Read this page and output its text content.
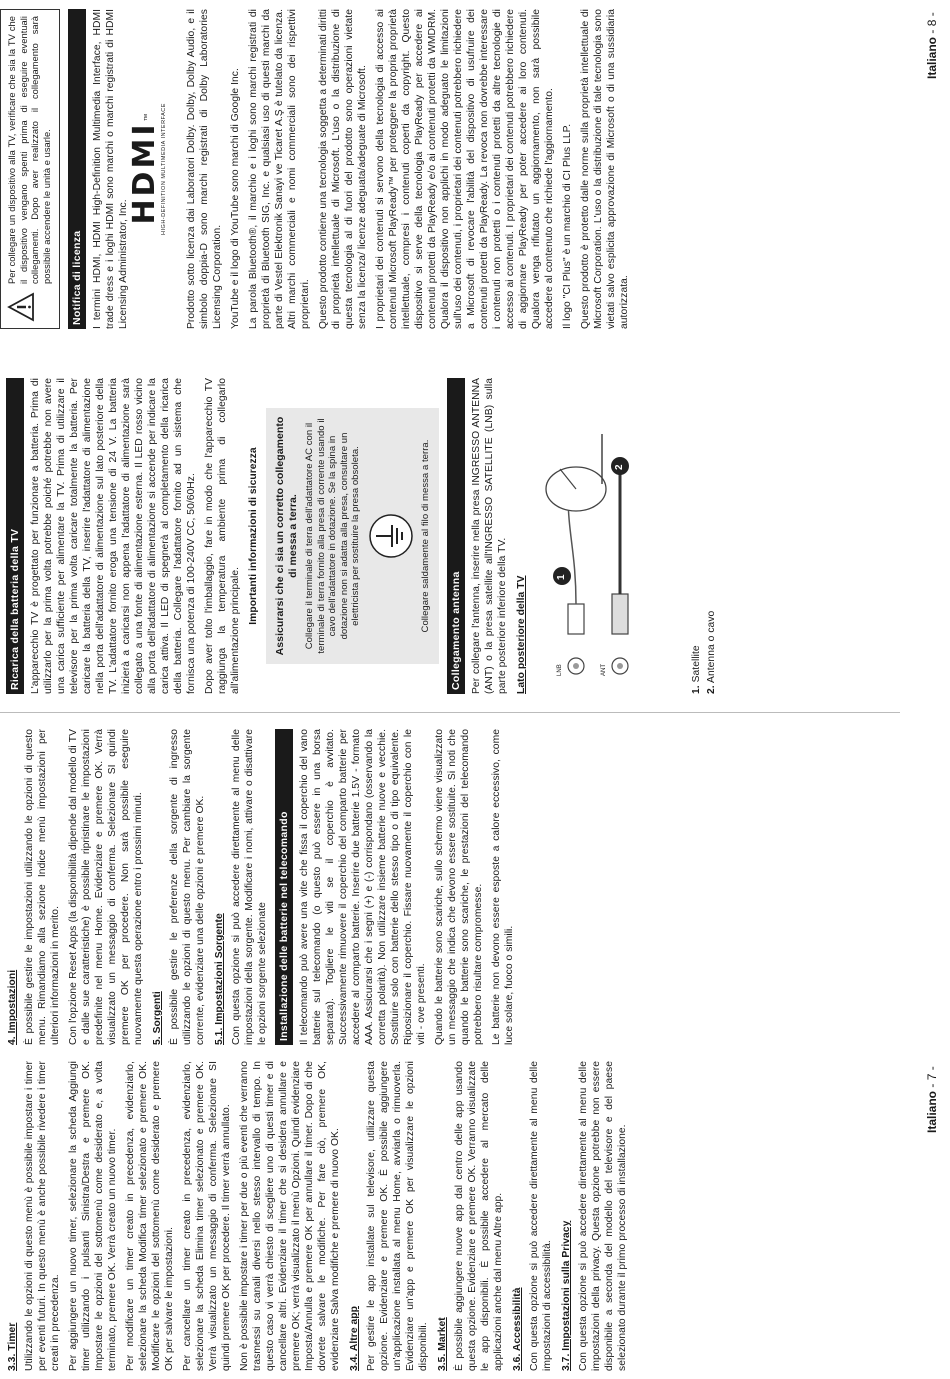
3.3. Timer Utilizzando le opzioni di questo menù è possibile impostare i timer per eventi futuri. In questo menù è anche possibile rivedere i timer creati in precedenza. Per aggiungere un nuovo timer, selezionare la scheda Aggiungi timer utilizzando i pulsanti Sinistra/Destra e premere OK. Impostare le opzioni del sottomenù come desiderato e, a volta terminato, premere OK. Verrà creato un nuovo timer. Per modificare un timer creato in precedenza, evidenziarlo, selezionare la scheda Modifica timer selezionato e premere OK. Modificare le opzioni del sottomenù come desiderato e premere OK per salvare le impostazioni. Per cancellare un timer creato in precedenza, evidenziarlo, selezionare la scheda Elimina timer selezionato e premere OK. Verrà visualizzato un messaggio di conferma. Selezionare SI quindi premere OK per procedere. Il timer verrà annullato. Non è possibile impostare i timer per due o più eventi che verranno trasmessi su canali diversi nello stesso intervallo di tempo. In questo caso vi verrà chiesto di scegliere uno di questi timer e di cancellare altri. Evidenziare il timer che si desidera annullare e premere OK; verrà visualizzato il menù Opzioni. Quindi evidenziare Imposta/Annulla e premere OK per annullare il timer. Dopo di che dovrete salvare le modifiche. Per fare ciò, premere OK, evidenziare Salva modifiche e premere di nuovo OK. 3.4. Altre app Per gestire le app installate sul televisore, utilizzare questa opzione. Evidenziare e premere OK. È possibile aggiungere un'applicazione installata al menu Home, avviarla o rimuoverla. Evidenziare un'app e premere OK per visualizzare le opzioni disponibili. 3.5. Market È possibile aggiungere nuove app dal centro delle app usando questa opzione. Evidenziare e premere OK. Verranno visualizzate le app disponibili. È possibile accedere al mercato delle applicazioni anche dal menu Altre app. 3.6. Accessibilità Con questa opzione si può accedere direttamente al menu delle impostazioni di accessibilità. 3.7. Impostazioni sulla Privacy Con questa opzione si può accedere direttamente al menu delle impostazioni della privacy. Questa opzione potrebbe non essere disponibile a seconda del modello del televisore e del paese selezionato durante il primo processo di installazione.

4. Impostazioni È possibile gestire le impostazioni utilizzando le opzioni di questo menu. Rimandiamo alla sezione Indice menù impostazioni per ulteriori informazioni in merito. Con l'opzione Reset Apps (la disponibilità dipende dal modello di TV e dalle sue caratteristiche) è possibile ripristinare le impostazioni predefinite nel menu Home. Evidenziare e premere OK. Verrà visualizzato un messaggio di conferma. Selezionare SI quindi premere OK per procedere. Non sarà possibile eseguire nuovamente questa operazione entro i prossimi minuti. 5. Sorgenti È possibile gestire le preferenze della sorgente di ingresso utilizzando le opzioni di questo menu. Per cambiare la sorgente corrente, evidenziare una delle opzioni e premere OK. 5.1. Impostazioni Sorgente Con questa opzione si può accedere direttamente al menu delle impostazioni della sorgente. Modificare i nomi, attivare o disattivare le opzioni sorgente selezionate Installazione delle batterie nel telecomando Il telecomando può avere una vite che fissa il coperchio del vano batterie sul telecomando (o questo può essere in una borsa separata). Togliere le viti se il coperchio è avvitato. Successivamente rimuovere il coperchio del comparto batterie per accedere al comparto batterie. Inserire due batterie 1.5V - formato AAA. Assicurarsi che i segni (+) e (-) corrispondano (osservando la corretta polarità). Non utilizzare insieme batterie nuove e vecchie. Sostituire solo con batterie dello stesso tipo o di tipo equivalente. Riposizionare il coperchio. Fissare nuovamente il coperchio con le viti - ove presenti. Quando le batterie sono scariche, sullo schermo viene visualizzato un messaggio che indica che devono essere sostituite. Si noti che quando le batterie sono scariche, le prestazioni del telecomando potrebbero risultare compromesse. Le batterie non devono essere esposte a calore eccessivo, come luce solare, fuoco o simili.

Italiano - 7 -
Ricarica della batteria della TV L'apparecchio TV è progettato per funzionare a batteria. Prima di utilizzarlo per la prima volta potrebbe poiché potrebbe non avere una carica sufficiente per alimentare la TV. Prima di utilizzare il televisore per la prima volta caricare totalmente la batteria. Per caricare la batteria della TV, inserire l'adattatore di alimentazione nella porta dell'adattatore di alimentazione sul lato posteriore della TV. L'adattatore fornito eroga una tensione di 24 V. La batteria inizierà a caricarsi non appena l'adattatore di alimentazione sarà collegato a una fonte di alimentazione esterna. Il LED rosso vicino alla porta dell'adattatore di alimentazione si accende per indicare la carica attiva. Il LED di spegnerà al completamento della ricarica della batteria. Collegare l'adattatore fornito ad un sistema che fornisca una potenza di 100-240V CC, 50/60Hz. Dopo aver tolto l'imballaggio, fare in modo che l'apparecchio TV raggiunga la temperatura ambiente prima di collegarlo all'alimentazione principale.

Importanti informazioni di sicurezza Assicurarsi che ci sia un corretto collegamento di messa a terra. Collegare il terminale di terra dell'adattatore AC con il terminale di terra fornito alla presa di corrente usando il cavo dell'adattatore in dotazione. Se la spina in dotazione non si adatta alla presa, consultare un elettricista per sostituire la presa obsoleta.	Collegare saldamente al filo di messa a terra. Collegamento antenna Per collegare l'antenna, inserire nella presa INGRESSO ANTENNA (ANT) o la presa satellite all'INGRESSO SATELLITE (LNB) sulla parte posteriore inferiore della TV. Lato posteriore della TV	LNB	ANT
1
2
1. Satellite
2. Antenna o cavo
Per collegare un dispositivo alla TV, verificare che sia la TV che il dispositivo vengano spenti prima di eseguire eventuali collegamenti. Dopo aver realizzato il collegamento sarà possibile accendere le unità e usarle. Notifica di licenza I termini HDMI, HDMI High-Definition Multimedia Interface, HDMI trade dress e i loghi HDMI sono marchi o marchi registrati di HDMI Licensing Administrator, Inc.

HDMI™	HIGH-DEFINITION MULTIMEDIA INTERFACE	Prodotto sotto licenza dai Laboratori Dolby. Dolby, Dolby Audio, e il simbolo doppia-D sono marchi registrati di Dolby Laboratories Licensing Corporation. YouTube e il logo di YouTube sono marchi di Google Inc. La parola Bluetooth®, il marchio e i loghi sono marchi registrati di proprietà di Bluetooth SIG, Inc. e qualsiasi uso di questi marchi da parte di Vestel Elektronik Sanayi ve Ticaret A.Ş è tutelato da licenza. Altri marchi commerciali e nomi commerciali sono dei rispettivi proprietari. Questo prodotto contiene una tecnologia soggetta a determinati diritti di proprietà intellettuale di Microsoft. L'uso o la distribuzione di questa tecnologia al di fuori del prodotto sono operazioni vietate senza la licenza/ licenze adeguata/adeguate di Microsoft. I proprietari dei contenuti si servono della tecnologia di accesso ai contenuti Microsoft PlayReady™ per proteggere la propria proprietà intellettuale, compresi i contenuti coperti da copyright. Questo dispositivo si serve della tecnologia PlayReady per accedere ai contenuti protetti da PlayReady e/o ai contenuti protetti da WMDRM. Qualora il dispositivo non applichi in modo adeguato le limitazioni sull'uso dei contenuti, i proprietari dei contenuti potrebbero richiedere a Microsoft di revocare l'abilità del dispositivo di usufruire dei contenuti protetti da PlayReady. La revoca non dovrebbe interessare i contenuti non protetti o i contenuti protetti da altre tecnologie di accesso ai contenuti. I proprietari dei contenuti potrebbero richiedere di aggiornare PlayReady per poter accedere ai loro contenuti. Qualora venga rifiutato un aggiornamento, non sarà possibile accedere al contenuto che richiede l'aggiornamento. Il logo "CI Plus" è un marchio di CI Plus LLP. Questo prodotto è protetto dalle norme sulla proprietà intellettuale di Microsoft Corporation. L'uso o la distribuzione di tale tecnologia sono vietati salvo esplicita approvazione di Microsoft o di una sussidiaria autorizzata.

Italiano - 8 -
